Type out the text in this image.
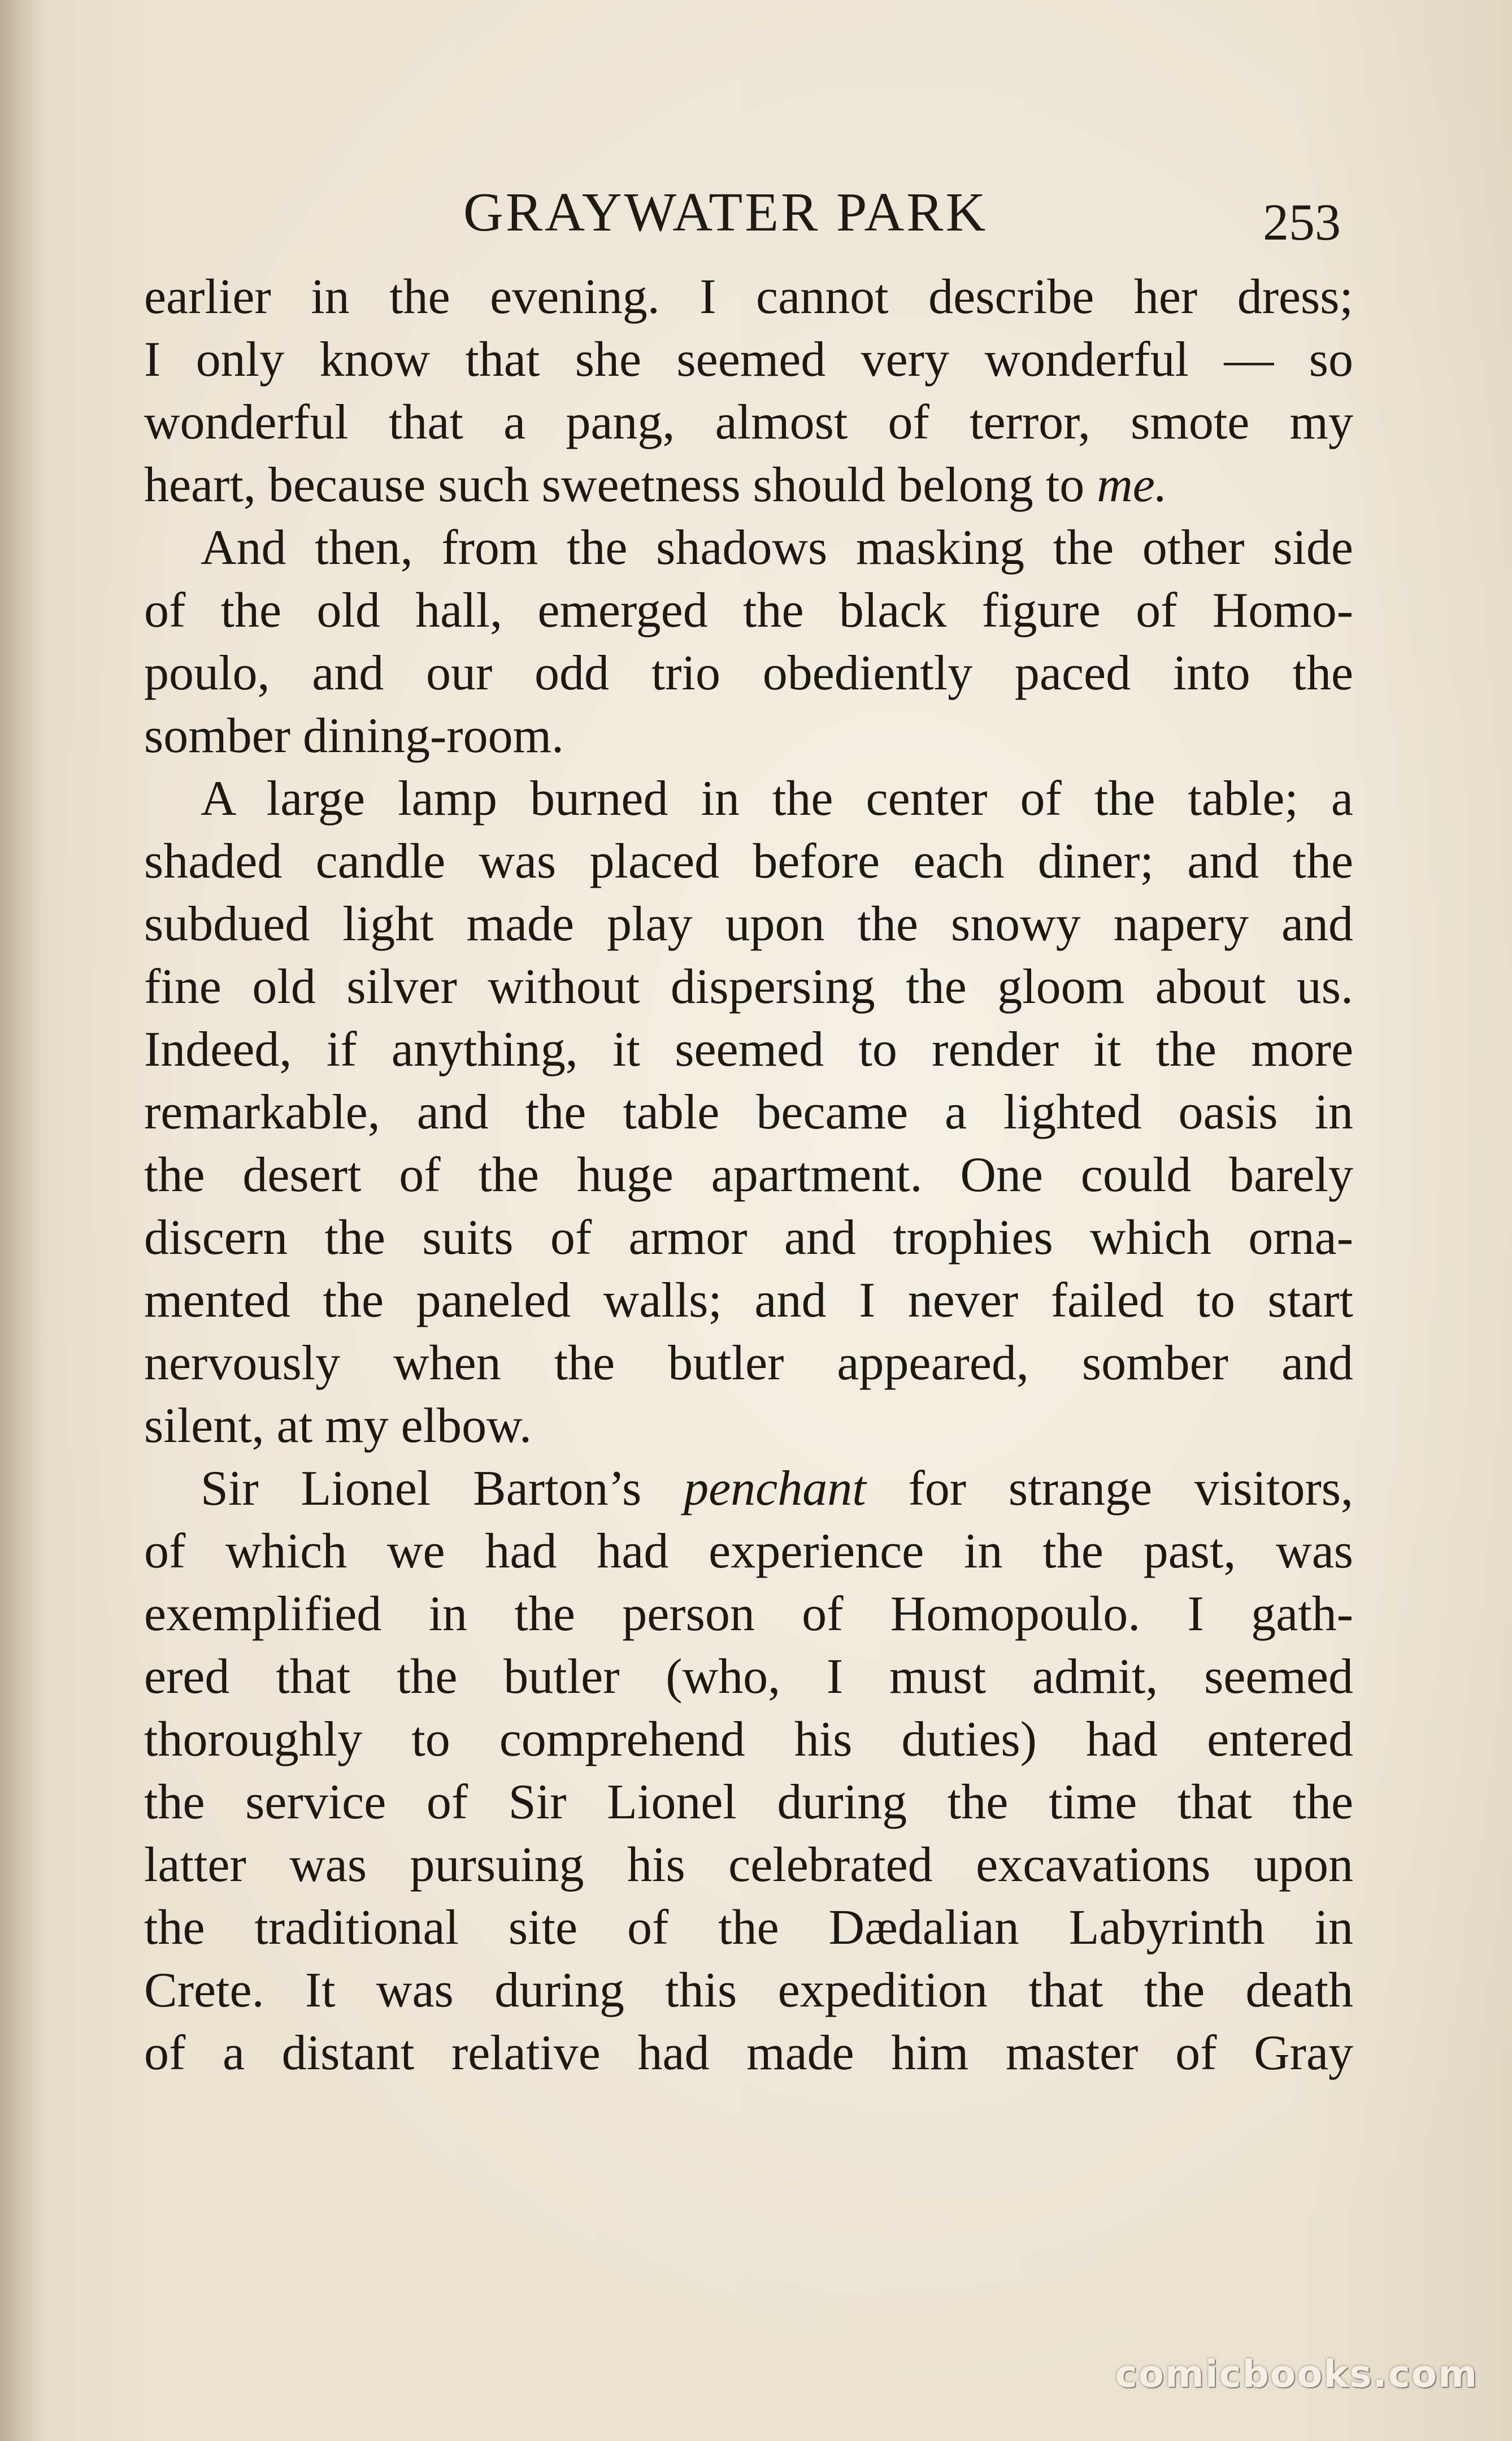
GRAYWATER PARK	253
earlier in the evening. I cannot describe her dress;
I only know that she seemed very wonderful — so
wonderful that a pang, almost of terror, smote my
heart, because such sweetness should belong to me.
And then, from the shadows masking the other side
of the old hall, emerged the black figure of Homo-
poulo, and our odd trio obediently paced into the
somber dining-room.
A large lamp burned in the center of the table; a
shaded candle was placed before each diner; and the
subdued light made play upon the snowy napery and
fine old silver without dispersing the gloom about us.
Indeed, if anything, it seemed to render it the more
remarkable, and the table became a lighted oasis in
the desert of the huge apartment. One could barely
discern the suits of armor and trophies which orna-
mented the paneled walls; and I never failed to start
nervously when the butler appeared, somber and
silent, at my elbow.
Sir Lionel Barton’s penchant for strange visitors,
of which we had had experience in the past, was
exemplified in the person of Homopoulo. I gath-
ered that the butler (who, I must admit, seemed
thoroughly to comprehend his duties) had entered
the service of Sir Lionel during the time that the
latter was pursuing his celebrated excavations upon
the traditional site of the Dædalian Labyrinth in
Crete. It was during this expedition that the death
of a distant relative had made him master of Gray
comicbooks.com
